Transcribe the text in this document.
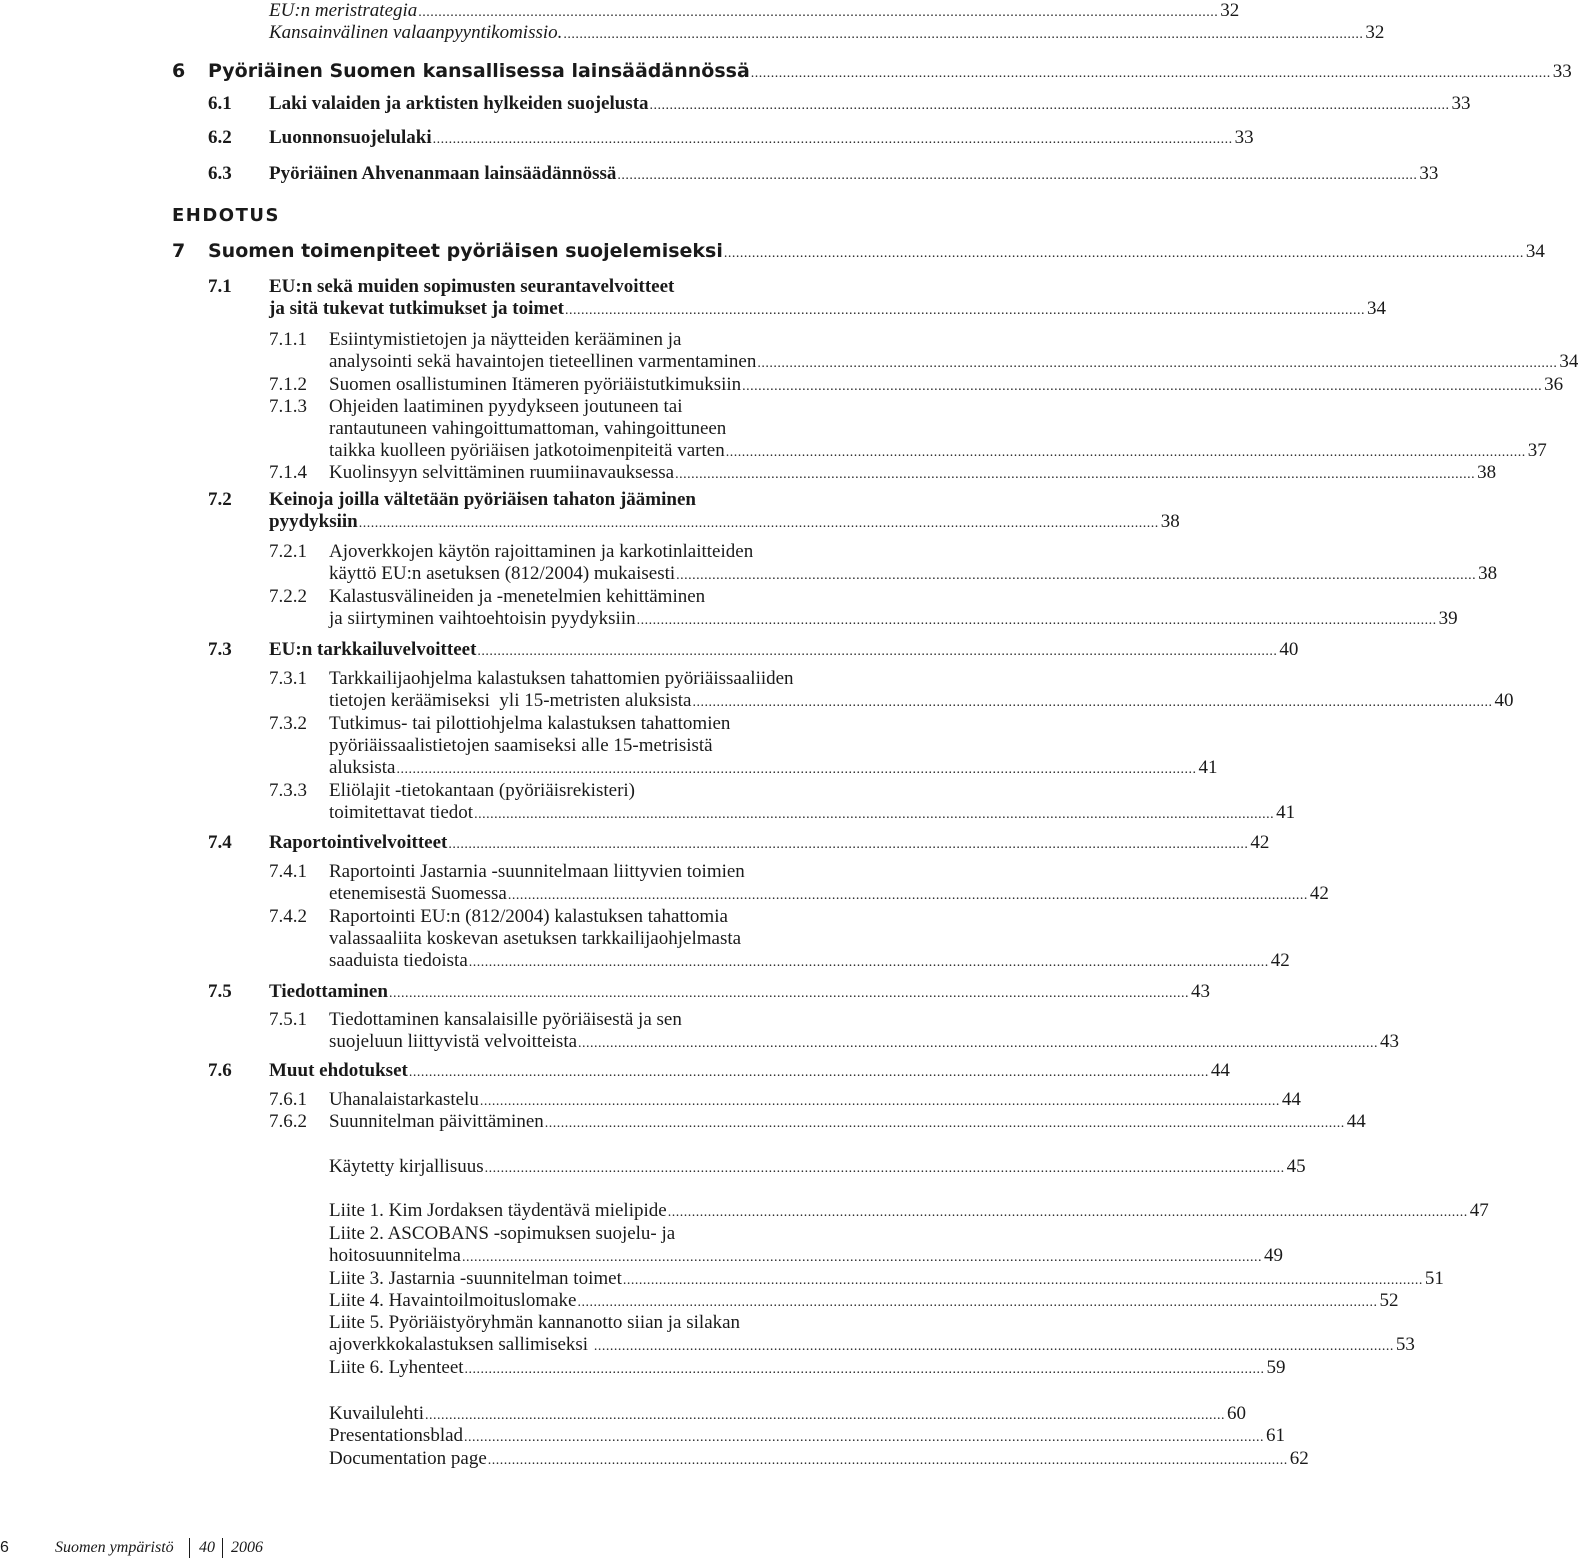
EU:n meristrategia ........................................................................................................................................................................................................ 32
Kansainvälinen valaanpyyntikomissio. ........................................................................................................................................................................................................ 32
6 Pyöriäinen Suomen kansallisessa lainsäädännössä ........................................................................................................................................................................................................ 33
6.1 Laki valaiden ja arktisten hylkeiden suojelusta ........................................................................................................................................................................................................ 33
6.2 Luonnonsuojelulaki ........................................................................................................................................................................................................ 33
6.3 Pyöriäinen Ahvenanmaan lainsäädännössä ........................................................................................................................................................................................................ 33
7 Suomen toimenpiteet pyöriäisen suojelemiseksi ........................................................................................................................................................................................................ 34
7.1 EU:n sekä muiden sopimusten seurantavelvoitteet
ja sitä tukevat tutkimukset ja toimet ........................................................................................................................................................................................................ 34
7.1.1 Esiintymistietojen ja näytteiden kerääminen ja
analysointi sekä havaintojen tieteellinen varmentaminen ........................................................................................................................................................................................................ 34
7.1.2 Suomen osallistuminen Itämeren pyöriäistutkimuksiin ........................................................................................................................................................................................................ 36
7.1.3 Ohjeiden laatiminen pyydykseen joutuneen tai
rantautuneen vahingoittumattoman, vahingoittuneen
taikka kuolleen pyöriäisen jatkotoimenpiteitä varten ........................................................................................................................................................................................................ 37
7.1.4 Kuolinsyyn selvittäminen ruumiinavauksessa ........................................................................................................................................................................................................ 38
7.2 Keinoja joilla vältetään pyöriäisen tahaton jääminen
pyydyksiin ........................................................................................................................................................................................................ 38
7.2.1 Ajoverkkojen käytön rajoittaminen ja karkotinlaitteiden
käyttö EU:n asetuksen (812/2004) mukaisesti ........................................................................................................................................................................................................ 38
7.2.2 Kalastusvälineiden ja -menetelmien kehittäminen
ja siirtyminen vaihtoehtoisin pyydyksiin ........................................................................................................................................................................................................ 39
7.3 EU:n tarkkailuvelvoitteet ........................................................................................................................................................................................................ 40
7.3.1 Tarkkailijaohjelma kalastuksen tahattomien pyöriäissaaliiden
tietojen keräämiseksi  yli 15-metristen aluksista ........................................................................................................................................................................................................ 40
7.3.2 Tutkimus- tai pilottiohjelma kalastuksen tahattomien
pyöriäissaalistietojen saamiseksi alle 15-metrisistä
aluksista ........................................................................................................................................................................................................ 41
7.3.3 Eliölajit -tietokantaan (pyöriäisrekisteri)
toimitettavat tiedot ........................................................................................................................................................................................................ 41
7.4 Raportointivelvoitteet ........................................................................................................................................................................................................ 42
7.4.1 Raportointi Jastarnia -suunnitelmaan liittyvien toimien
etenemisestä Suomessa ........................................................................................................................................................................................................ 42
7.4.2 Raportointi EU:n (812/2004) kalastuksen tahattomia
valassaaliita koskevan asetuksen tarkkailijaohjelmasta
saaduista tiedoista ........................................................................................................................................................................................................ 42
7.5 Tiedottaminen ........................................................................................................................................................................................................ 43
7.5.1 Tiedottaminen kansalaisille pyöriäisestä ja sen
suojeluun liittyvistä velvoitteista ........................................................................................................................................................................................................ 43
7.6 Muut ehdotukset ........................................................................................................................................................................................................ 44
7.6.1 Uhanalaistarkastelu ........................................................................................................................................................................................................ 44
7.6.2 Suunnitelman päivittäminen ........................................................................................................................................................................................................ 44
Käytetty kirjallisuus ........................................................................................................................................................................................................ 45
Liite 1. Kim Jordaksen täydentävä mielipide ........................................................................................................................................................................................................ 47
Liite 2. ASCOBANS -sopimuksen suojelu- ja
hoitosuunnitelma ........................................................................................................................................................................................................ 49
Liite 3. Jastarnia -suunnitelman toimet ........................................................................................................................................................................................................ 51
Liite 4. Havaintoilmoituslomake ........................................................................................................................................................................................................ 52
Liite 5. Pyöriäistyöryhmän kannanotto siian ja silakan
ajoverkkokalastuksen sallimiseksi ........................................................................................................................................................................................................ 53
Liite 6. Lyhenteet ........................................................................................................................................................................................................ 59
Kuvailulehti ........................................................................................................................................................................................................ 60
Presentationsblad ........................................................................................................................................................................................................ 61
Documentation page ........................................................................................................................................................................................................ 62
EHDOTUS
6	Suomen ympäristö 40 2006
